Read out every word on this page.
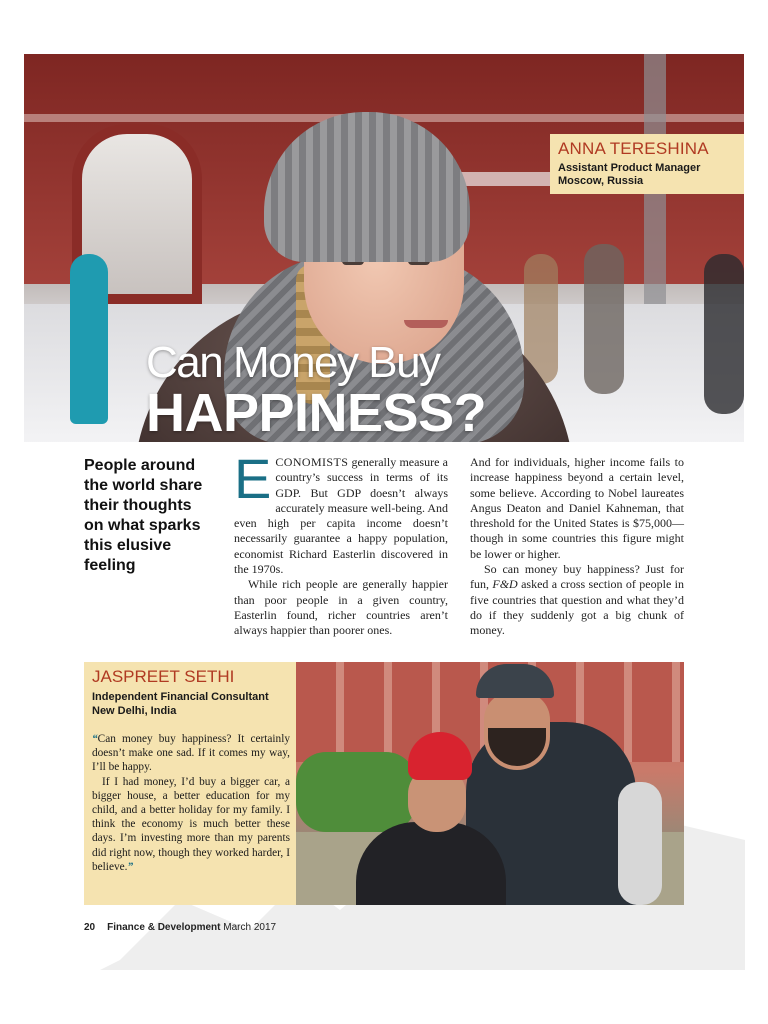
ANNA TERESHINA
Assistant Product Manager
Moscow, Russia
Can Money Buy
HAPPINESS?
People around the world share their thoughts on what sparks this elusive feeling

ECONOMISTS generally measure a country’s success in terms of its GDP. But GDP doesn’t always accurately measure well-being. And even high per capita income doesn’t necessarily guarantee a happy population, economist Richard Easterlin discovered in the 1970s.

While rich people are generally happier than poor people in a given country, Easterlin found, richer countries aren’t always happier than poorer ones.

And for individuals, higher income fails to increase happiness beyond a certain level, some believe. According to Nobel laureates Angus Deaton and Daniel Kahneman, that threshold for the United States is $75,000—though in some countries this figure might be lower or higher.

So can money buy happiness? Just for fun, F&D asked a cross section of people in five countries that question and what they’d do if they suddenly got a big chunk of money.

JASPREET SETHI
Independent Financial Consultant
New Delhi, India

“Can money buy happiness? It certainly doesn’t make one sad. If it comes my way, I’ll be happy.

If I had money, I’d buy a bigger car, a bigger house, a better education for my child, and a better holiday for my family. I think the economy is much better these days. I’m investing more than my parents did right now, though they worked harder, I believe.”

20 Finance & Development March 2017
